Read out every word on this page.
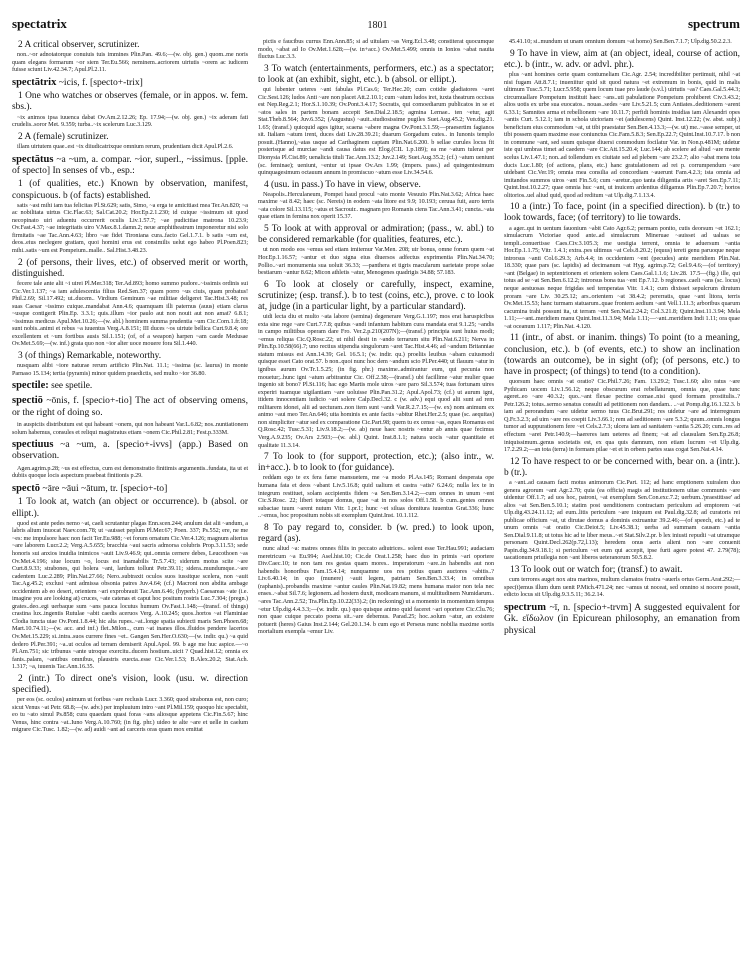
spectatrix	1801	spectrum
2 A critical observer, scrutinizer.
non..~or adnotatorque conuiuis tuis immines Plin.Pan. 49.6;—(w. obj. gen.) quom..me noris quam elegans formarum ~or siem Ter.Eu.566; neminem..acriorem uirtutis ~orem ac iudicem fuisse sciunt Liv.42.34.7; Apul.Pl.2.11.
spectātrix ~icis, f. [specto+-trix]
1 One who watches or observes (female, or in appos. w. fem. sbs.).
~ix animos ipsa iuuenca dabat Ov.Am.2.12.26; Ep. 17.94;—(w. obj. gen.) ~ix aderam fati crudelis..soror Met. 9.359; turba..~ix scelerum Luc.3.129.
2 A (female) scrutinizer.
illam uirtutem quae..est ~ix diiudicatrixque omnium rerum, prudentiam dicit Apul.Pl.2.6.
spectātus ~a ~um, a. compar. ~ior, superl., ~issimus. [pple. of specto] In senses of vb., esp.:
1 (of qualities, etc.) Known by observation, manifest, conspicuous. b (of facts) established.
satis ~ast mihi iam tua felicitas Pl.St.629; satis, Simo, ~a erga te amicitiast mea Ter.An.820; ~a ac nobilitata uirtus Cic.Flac.63; Sal.Cat.20.2; Hor.Ep.2.1.230; id cuique ~issimum sit quod necopinato uiri aduentu occurrerit oculis Liv.1.57.7; ~ae pudicitiae matrona 10.23.9; Ov.Fast.4.37; ~ae integritatis uiro V.Max.8.1.damn.2; neue amphitheatrum imponeretur nisi solo firmitatis ~ae Tac.Ann.4.63; libro ~ae fidei Tironiana cura..facto Gel.1.7.1. b satis ~um est, deos..eius neclegere gratiam, quoi homini erus est consimilis uelut ego habeo Pl.Poen.823; mihi..satis ~um est Pompeium..malle.. Sal.Hist.3.48.23.
2 (of persons, their lives, etc.) of observed merit or worth, distinguished.
fecere tale ante alii ~i uirei Pl.Mer.318; Ter.Ad.893; homo summo pudore..~issimis ordinis sui Cic.Ver.1.137; ~a iam adulescentia filius Red.Sen.37; quam porro ~us ciuis, quam probatus! Phil.2.69; Sil.17.492; ut..ducem.. Virdium Geminum ~ae militiae deligeret Tac.Hist.3.48; res suas Caesar ~issimo cuique..mandabat Ann.4.6; quamquam illi paternus (auus) etiam clarus ~usque contigerit Plin.Ep. 3.3.1; quis..illum ~ior paulo aut non nouit aut non amat? 6.8.1; ~issimus medicus Apul.Met.10.26;—(w. abl.) hominem summa prudentia ~um Cic.Corn.1.fr.18; sunt nobis..animi et rebus ~a iuuentus Verg.A.8.151; III duces ~os uirtute bellica Curt.9.8.4; ore excellentem et ~um fortibus ausis Sil.1.151; (of, of a weapon) harpen ~am caede Medusae Ov.Met.5.69;—(w. inf.) grata quo non ~ior alter uoce mouere fora Sil.1.440.
3 (of things) Remarkable, noteworthy.
nusquam alibi ~iore naturae rerum artificio Plin.Nat. 11.1; ~issima (sc. laurus) in monte Parnaso 15.134; tertia (pyramis) minor quidem praedictis, sed multo ~ior 36.80.
spectile: see spetile.
spectiō ~ōnis, f. [specio+-tio] The act of observing omens, or the right of doing so.
in auspiciis distributum est qui habeant ~onem, qui non habeant Var.L.6.82; nos..nuntiationem solum habemus, consules et reliqui magistratus etiam ~onem Cic.Phil.2.81; Fest.p.333M.
spectiuus ~a ~um, a. [specio+-ivvs] (app.) Based on observation.
Agen.agrim.p.28; ~us est effectus, cum est demonstratio finitimis argumentis..fundata, ita ut et dubiis quoque locis aspectum praebeat finitionis p.29.
spectō ~āre ~āui ~ātum, tr. [specio+-to]
1 To look at, watch (an object or occurrence). b (absol. or ellipt.).
quod est ante pedes nemo ~at, caeli scrutantur plagas Enn.scen.244; anulum dat alii ~andum, a labris alium inuocat Naev.com.78; ut ~auisset peplum Pl.Mer.67; Poen. 337; Ps.552; ere, ne me ~es: me impulsore haec non facit Ter.Eu.988; ~et forum ornatum Cic.Ver.4.126; magnum alterius ~are laborem Lucr.2.2; Verg.A.5.655; bracchia ~aui sacris admorsa colubris Prop.3.11.53; sede honoris sui anxios inuidia inimicos ~auit Liv.9.46.9; qui..omnia cernere debes, Leucothoen ~as Ov.Met.4.196; siue locum ~o, locus est inamabilis Tr.5.7.43; siderum motus scite ~are Curt.8.9.33; strabones, qui holera ~ant, lardum tollunt Petr.39.11; sidera..mundumque..~are cadentem Luc.2.289; Plin.Nat.27.66; Nero..subtraxit oculos suos iussitque scelera, non ~auit Tac.Ag.45.2; exclusi ~ant admissa obsonia patres Juv.4.64; (cf.) Macroni non abdita ambage occidentem ab eo deseri, orientem ~ari exprobrauit Tac.Ann.6.46; (hyperb.) Caesareas ~ate (i.e. imagine you are looking at) cruces, ~ate catenas et caput hoc positum rostris Luc.7.304; (pregn.) grates..deo..egi uerbaque sum ~ans pauca locutus humum Ov.Fast.1.148;—(transf. of things) crastina lux..ingentis Rutulae ~abit caedis aceruos Verg. A.10.245; quos..hortos ~at Flaminiae Clodia iuncta uiae Ov.Pont.1.8.44; hic alta rupes..~at..longe spatia subiecti maris Sen.Phoen.68; Mart.10.74.11;—(w. acc. and inf.) flet..Milon.., cum ~at inanes illos..fluidos pendere lacertos Ov.Met.15.229; si..intra..suos currere fines ~et.. Gangen Sen.Her.O.630;—(w. indir. qu.) ~a quid dedero Pl.Per.391; ~a..ut oculos ad terram demiserit Apul.Apol. 99. b age me huc aspice.—~o Pl.Am.751; sic tribunus ~ante utroque exercitu..ducem hostium..uicit ? Quad.hist.12; omnia ex fanis..palam, ~antibus omnibus, plaustris euecta..esse Cic.Ver.1.53; B.Alex.20.2; Stat.Ach. 1.317; ~a, iuuenis Tac.Ann.16.35.
2 (intr.) To direct one's vision, look (usu. w. direction specified).
per eos (sc. oculos) animum ut foribus ~are reclusis Lucr. 3.360; quod strabonus est, non curo; sicut Venus ~at Petr. 68.8;—(w. adv.) per impluuium intro ~ant Pl.Mil.159; quoquo hic spectabit, eo tu ~ato simul Ps.858; cura quaedam quasi foras ~ans aliosque appetens Cic.Fin.5.67; hinc Venus, hinc contra ~at..Iuno Verg.A.10.760; (in fig. phr.) uideo te alte ~are et uelle in caelum migrare Cic.Tusc. 1.82;—(w. ad) auidi ~ant ad carceris oras quam mox emittat
pictis e faucibus currus Enn.Ann.85; si ad uitulam ~as Verg.Ecl.3.48; constiterat quocumque modo, ~abat ad Io Ov.Met.1.628;—(w. in+acc.) Ov.Met.5.499; omnis in Ionios ~abat nauita fluctus Luc.3.3.
3 To watch (entertainments, performers, etc.) as a spectator; to look at (an exhibit, sight, etc.). b (absol. or ellipt.).
qui lubenter ueteres ~ant fabulas Pl.Cas.6; Ter.Hec.20; cum cotidie gladiatores ~aret Cic.Sest.126; ludos Anti ~are non placet Att.2.10.1; cum ~atum ludos iret, iuxta theatrum occisus est Nep.Reg.2.1; Hor.S.1.10.39; Ov.Pont.3.4.17; Socratis, qui comoediarum publicatos in se et ~atos sales in partem bonam accepit Sen.Dial.2.18.5; agmina Lernae.. ten ~etur, agit Stat.Theb.8.564; Juv.6.352; (Augustus) ~auit..studiosissime pugiles Suet.Aug.45.2; Ven.dig.21. 1.65; (transf.) quicquid ages igitur, scaena ~abere magna Ov.Pont.3.1.59;—praesertim fagianos sit. Italiam ~atum irent, duces dati Liv.28.39.21; duarum Gorgadum cutes.. in Iunonis templo posuit..(Hanno),~atas usque ad Carthaginem captam Plin.Nat.6.200. b sellae curules locus fit posterisque ad murciae ~andi causa datus est Elog.(CIL 1.p.189); ea me ~atum tulerat per Dionysia Pl.Cist.89; uenalicia tituli Tac.Ann.13.2; Juv.2.149; Suet.Aug.35.2; (cf.) ~atum ueniunt (sc. feminae); ueniunt, ~entur ut ipsae Ov.Ars 1.99; (impers. pass.) ad quingentesimum quinquagesimum octauum annum in promiscuo ~atum esse Liv.34.54.6.
4 (usu. in pass.) To have in view, observe.
Neapolis..Herculaneum, Pompei haud procul ~ato monte Vesuuio Plin.Nat.3.62; Africa haec maxime ~at 8.42; haec (sc. Nereis) in eodem ~ata litore est 9.9; 10.193; ceruua fuit, auro terris ~ata colore Sil.13.115; ~atus et Sacrouir.. magnam pro Romanis ciens Tac.Ann.3.41; cuncta..~ata quae etiam in femina nox operit 15.37.
5 To look at with approval or admiration; (pass., w. abl.) to be considered remarkable (for qualities, features, etc.).
ut non modo eos ~emus sed etiam imitemur Var.Men. 208; uir bonus, omne forum quem ~at Hor.Ep.1.16.57; ~antur et duo signa eius diuersos adfectus exprimentia Plin.Nat.34.70; Pollio..~ari monumenta sua uoluit 36.33; —panthera et tigris macularum uarietate prope solae bestiarum ~antur 8.62; Micon athletis ~atur, Menogenes quadrigis 34.88; 57.183.
6 To look at closely or carefully, inspect, examine, scrutinize; (esp. transf.). b to test (coins, etc.), prove. c to look at, judge (in a particular light, by a particular standard).
uidi lecta diu et multo ~ata labore (semina) degenerare Verg.G.1.197; mos erat haruspicibus exta sine rege ~are Curt.7.7.8; quibus ~andi infantum habitum cura mandata erat 9.1.25; ~andis in campo militibus operam dare Fro. Ver.2.p.210(207N);—(transf.) principia sunt huius modi; ~emus reliqua Cic.Q.Rosc.22; ut nihil desit in ~ando terrarum situ Plin.Nat.6.211; Nerva in Plin.Ep.10.58(66).7; uno rectius stipendia singulorum ~aret Tac.Hist.4.46; ad ~andum Britanniae statum missus est Ann.14.39; Gel. 16.5.1; (w. indir. qu.) proeliis leuibus ~abam cuiusmodi quisque esset Cato orat.57. b non..quoi nunc hoc dem ~andum scio Pl.Per.440; ut flauum ~atur in ignibus aurum Ov.Tr.1.5.25; (in fig. phr.) maxime..admirantur eum, qui pecunia non mouetur;..hunc igni ~atum arbitrantur Cic. Off.2.38;—(transf.) ubi facillime ~atur mulier quae ingenio sit bono? Pl.St.116; hac ego Martis mole uiros ~are paro Sil.3.574; tuas fortunam uires experiri tuamque uigilantiam ~are uoluisse Plin.Pan.31.2; Apul.Apol.73; (cf.) ut aurum igni, itidem innocentiam iudicio ~ari solere Calp.Decl.32. c (w. adv.) equi quod alii sunt ad rem militarem idonei, alii ad uecturam..non item sunt ~andi Var.R.2.7.15;—(w. ex) nom animum ex animo ~aui meo Ter.An.646; uita hominis ex ante factis ~abitur Rhet.Her.2.5; quae (sc. aequitas) non simpliciter ~atur sed ex comparatione Cic.Part.98; quem tu ex censu ~as, eques Romanus est Q.Rosc.42; Tusc.5.31; Liv.9.18.2;—(w. ab) neue haec nostris ~entur ab annis quae fecimus Verg.A.9.235; Ov.Ars 2.503;—(w. abl.) Quint. Inst.8.1.1; natura uocis ~atur quantitate et qualitate 11.3.14.
7 To look to (for support, protection, etc.); (also intr., w. in+acc.). b to look to (for guidance).
reddam ego te ex fera fame mansuetem, me ~a modo Pl.As.145; Romani desperata ope humana fata et deos ~abant Liv.5.16.8; quid ualium et castra ~atis? 6.24.6; nulla lex te in integrum restituet, solam accipientis fidem ~a Sen.Ben.3.14.2;—cum omnes in unum ~ent Cic.S.Rosc. 22; liberi totaque domus, quae ~at in nos solos Off.1.58. b cum..gentes omnes subactae tuum ~arent nutum Vitr. 1.pr.1; hunc ~et siluas domitura iuuentus Grat.336; hunc ..~emus, hoc propositum nobis sit exemplum Quint.Inst. 10.1.112.
8 To pay regard to, consider. b (w. pred.) to look upon, regard (as).
nunc aliud ~a: matres omnes filiis in peccato adiutrices.. solent esse Ter.Hau.991; audaciam meretricum ~a Eu.994; Asel.hist.10; Cic.de Orat.1.258; haec duo in primis ~ari oportere Div.Caec.10; te non tam res gestas quam mores.. imperatorum ~are..in habendis aut non habendis honoribus Fam.15.4.14; nunquamne uos res potius quam auctores ~abitis..? Liv.6.40.14; in quo (munere) ~auit legem, patriam Sen.Ben.3.33.4; in omnibus (raphanis)..probandis maxime ~antur caules Plin.Nat.19.82; mens humana maior non tela nec enses..~abat Sil.7.6; legionem..ad hostem duxit, modicam manum, si multitudinem Numidarum.. ~ares Tac.Ann.2.52; Tra.Plin.Ep.10.22(33).2; (in reckoning) ut a momento in momentum tempus ~etur Ulp.dig.4.4.3.3;—(w. indir. qu.) quo quisque animo quid faceret ~ari oportere Cic.Clu.76; non quae cuique peccato poena sit..~are debemus. Parad.25; hoc..solum ~atur, an existere potuerit (heres) Gaius Inst.2.144; Gel.20.1.34. b cum ego et Perseus nunc nobilia maxime sortis mortalium exempla ~emur Liv.
45.41.10; si..mundum ut unam omnium domum ~at homo) Sen.Ben.7.1.7; Ulp.dig.50.2.2.3.
9 To have in view, aim at (an object, ideal, course of action, etc.). b (intr., w. adv. or advl. phr.).
plus ~ant homines certe quam contumeliam Cic.Agr. 2.54; incredibiliter pertimuit, nihil ~at nisi fugam Att.8.7.1; inueniitur quid sit quod natura ~et extremum in bonis, quid in malis ultimum Tusc.5.71; Lucr.5.958; quem locum tuae pro laude (s.v.l.) uirtutis ~as? Caes.Gal.5.44.3; circumuallare Pompeium instituit haec ~ans..uti pabulatione Pompeium prohiberet Civ.3.43.2; alios uotis ex urbe sua euocatos.. nouas..sedes ~are Liv.5.21.5; cum Antiates..deditionem ~arent 6.33.1; Samnites arma et rebellionem ~are 10.11.7; perfidi hominis insidias iam Alexandri opes ~antis Curt. 5.12.1; iam in schola uictoriam ~et (adulescens) Quint. Inst.12.22; (w. abst. subj.) beneficium eius commodum ~at, ut tibi praestatur Sen.Ben.4.13.3;—(w. ut) me..~asse semper, ut tibi possem quam maxime esse coniunctus Cic.Fam.5.8.3; Sen.Ep.22.7; Quint.Inst.10.7.17. b non in commune ~ant, sed suum quisque diuersi commodum focilatur Var. in Non.p.481M; uidetur iste qui umbras timet ad caedem ~are Cic.Att.15.20.4; Luc.144; ab scelere ad aliud ~are mente scelus Liv.1.47.1; non..ad tollendum ex ciuitate sed ad plebem ~are 23.2.7; alio ~abat mens tota ducis Luc.1.80; (of actions, plans, etc.) hanc gratulationem ad rei p. corrumpendum ~are uidebant Cic.Ver.19; omnia mea consilia ad concordiam ~auerunt Fam.4.2.3; ista omnia ad imitandos summos uiros ~ant Fin.5.6; cum ~aretur..quo tanta diligentia artis ~aret Sen.Ep.7.11; Quint.Inst.10.2.27; quae omnia huc ~ant, ut inuicem ardentius diligamus Plin.Ep.7.20.7; hortos olitorios..uel aliud quid, quod ad reditum ~at Ulp.dig.7.1.13.4.
10 a (intr.) To face, point (in a specified direction). b (tr.) to look towards, face; (of territory) to lie towards.
a ager..qui in uentum fauonium ~abit Cato Agr.6.2; permam ponito, cutis deorsum ~et 162.1; simulacrum Victoriae quod ante..ad simulacrum Mineruae ~auisset ad ualuas se templi..conuertisse Caes.Civ.3.105.3; me uestigia terrent, omnia te aduersum ~antia Hor.Ep.1.1.75; Vitr. 1.4.1; extra..pes ultimus ~at Cels.8.20.2; (equus) tereti genu paruoque neque introrsus ~anti Col.6.29.3; Arb.4.4; in occidentem ~ent (pecudes) ante meridiem Plin.Nat. 18.330; quae pars (sc. lapidis) ad decimanum ~at Hyg. agrim.p.72; Gel.9.4.6;—(of territory) ~ant (Belgae) in septentrionem et orientem solem Caes.Gal.1.1.6; Liv.28. 17.5—(fig.) ille, qui totus ad se ~at Sen.Ben.6.12.2; introrsus bona tua ~ent Ep.7.12. b regiones..caeli ~ans (sc. locus) neque aestuosas neque frigidas sed temperatas Vitr. 1.4.1; cum dixisset sepulcrum dirutum proram ~are Liv. 30.25.12; ars..orientem ~at 38.4.2; pererratis, quae ~ant litora, terris Ov.Met.15.53; hanc turmam statuarum..quae frontem aedium ~ant Vell.1.11.3; arboribus quarum cacumina trahi possunt ita, ut terram ~ent Sen.Nat.2.24.2; Col.3.21.8; Quint.Inst.11.3.94; Mela 1.11;—~ant..meridiem manu Quint.Inst.11.3.94; Mela 1.11;—~ant..meridiem Indi 1.11; ora quae ~at oceanum 1.117; Plin.Nat. 4.120.
11 (intr., of abst. or inanim. things) To point (to a meaning, conclusion, etc.). b (of events, etc.) to show an inclination (towards an outcome), be in sight (of); (of persons, etc.) to have in prospect; (of things) to tend (to a condition).
quorsum haec omnis ~at oratio? Cic.Phil.7.26; Fam. 13.29.2; Tusc.1.60; alio ratus ~are Pythicam uocem Liv.1.56.12; neque obscurum erat rebellaturum, omnia que, quae tunc ageret..eo ~are 40.3.2; quo..~ant flexae pectine comae..nisi quod formam prostitulis..? Petr.126.2; totus..sermo senatus consulti ad petitionem non dandam.. ..~at Pomp.dig.16.1.32.3. b iam ad perorandum ~are uidetur sermo tuus Cic.Brut.291; res uidetur ~are ad interregnum Q.Fr.3.2.3; ad uim ~are res coepit Liv.3.66.1; rem ad seditionem ~are 5.3.2; quum..omnis longus tumor ad suppurationem fere ~et Cels.2.7.3; ulcera iam ad sanitatem ~antia 5.26.20; cum..res ad effectum ~aret Petr.140.9;—haereres iam ueteres ad finem; ~at ad clausulam Sen.Ep.26.8; iniquissimum..genus societatis est, ex qua quis damnum, non etiam lucrum ~et Ulp.dig. 17.2.29.2;—an tota (terra) in formam pilae ~et et in orbem partes suas cogat Sen.Nat.4.14.
12 To have respect to or be concerned with, bear on. a (intr.). b (tr.).
a ~ant..ad causam facti motus animorum Cic.Part. 112; ad hanc emptionem xuiralem duo genera agrorum ~ant Agr.2.70; quia (ea officia) magis ad institutionem uitae communis ~are uidentur Off.1.7; ad uos hoc, patroni, ~at exemplum Sen.Con.exc.7.2; uerbum..'praestitisse' ad alios ~at Sen.Ben.5.10.1; statim post uenditionem contractam periculum ad emptorem ~at Ulp.dig.43.24.11.12; ad eum..litis periculum ~are iniquum est Paul.dig.32.8; ad curatoris rei publicae officium ~at, ut dirutae domus a dominis extruantur 39.2.46;—(of speech, etc.) ad te unum omnis ~at oratio Cic.Deiot.5; Liv.45.38.1; uerba ad summam causam ~antia Sen.Dial.9.11.8; ut totus hic ad te liber meus..~et Stat.Silv.2.pr. b lex iniusti repudii ~at utramque personam Quint.Decl.262(p.72,l.13); heredem onus aeris alieni non ~are conuenit Papin.dig.34.9.18.1; si periculum ~et eum qui accepit, ipse furti agere potest 47. 2.79(78); uacationum priuilegia non ~ant liberos ueteranorum 50.5.8.2.
13 To look out or watch for; (transf.) to await.
cum terrores auget nox atra marinos, multum clamatos frustra ~auerls ortus Germ.Arat.292;—spec(t)emus illum dum uenit P.Mich.471.24; nec ~amus ut noceat, sed omnino si nocere possit, edicto locus sit Ulp.dig.9.3.5.11; 36.2.14.
spectrum ~ī, n. [specio+-trvm] A suggested equivalent for Gk. εἴδωλον (in Epicurean philosophy, an emanation from physical
